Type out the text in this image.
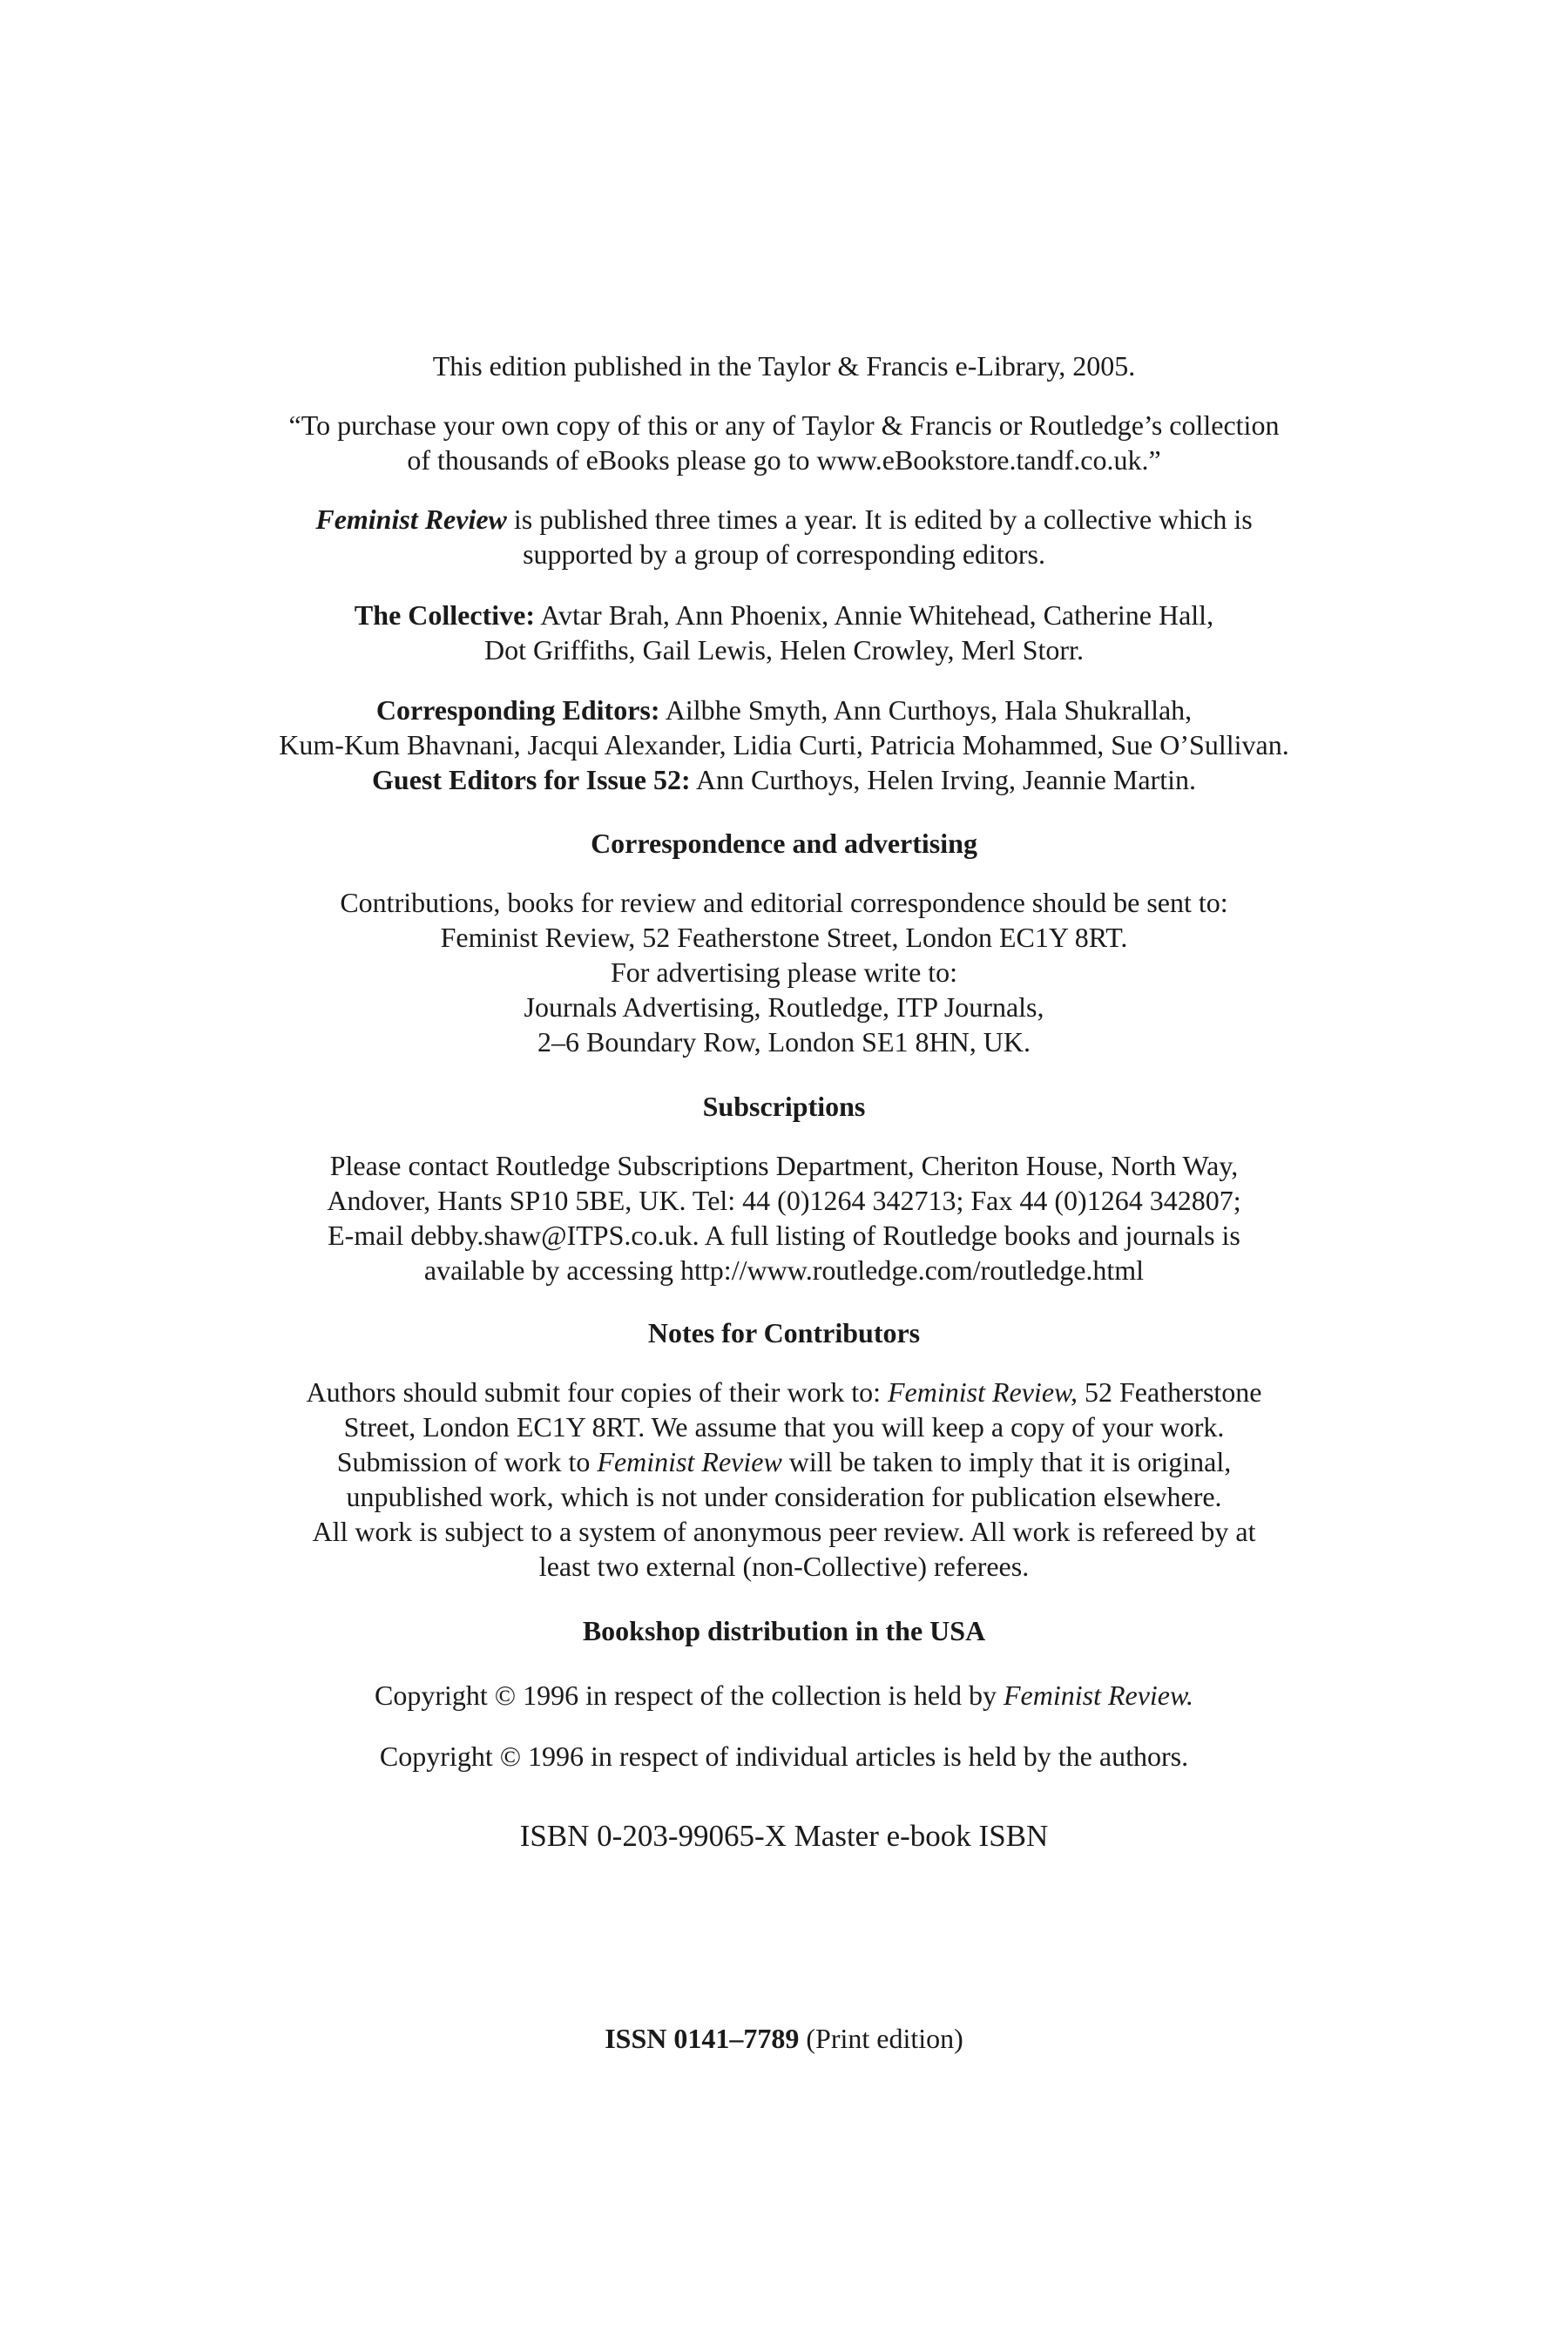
This edition published in the Taylor & Francis e-Library, 2005.
“To purchase your own copy of this or any of Taylor & Francis or Routledge’s collection
of thousands of eBooks please go to www.eBookstore.tandf.co.uk.”
Feminist Review is published three times a year. It is edited by a collective which is
supported by a group of corresponding editors.
The Collective: Avtar Brah, Ann Phoenix, Annie Whitehead, Catherine Hall,
Dot Griffiths, Gail Lewis, Helen Crowley, Merl Storr.
Corresponding Editors: Ailbhe Smyth, Ann Curthoys, Hala Shukrallah,
Kum-Kum Bhavnani, Jacqui Alexander, Lidia Curti, Patricia Mohammed, Sue O’Sullivan.
Guest Editors for Issue 52: Ann Curthoys, Helen Irving, Jeannie Martin.
Correspondence and advertising
Contributions, books for review and editorial correspondence should be sent to:
Feminist Review, 52 Featherstone Street, London EC1Y 8RT.
For advertising please write to:
Journals Advertising, Routledge, ITP Journals,
2–6 Boundary Row, London SE1 8HN, UK.
Subscriptions
Please contact Routledge Subscriptions Department, Cheriton House, North Way,
Andover, Hants SP10 5BE, UK. Tel: 44 (0)1264 342713; Fax 44 (0)1264 342807;
E-mail debby.shaw@ITPS.co.uk. A full listing of Routledge books and journals is
available by accessing http://www.routledge.com/routledge.html
Notes for Contributors
Authors should submit four copies of their work to: Feminist Review, 52 Featherstone
Street, London EC1Y 8RT. We assume that you will keep a copy of your work.
Submission of work to Feminist Review will be taken to imply that it is original,
unpublished work, which is not under consideration for publication elsewhere.
All work is subject to a system of anonymous peer review. All work is refereed by at
least two external (non-Collective) referees.
Bookshop distribution in the USA
Copyright © 1996 in respect of the collection is held by Feminist Review.
Copyright © 1996 in respect of individual articles is held by the authors.
ISBN 0-203-99065-X Master e-book ISBN
ISSN 0141–7789 (Print edition)
